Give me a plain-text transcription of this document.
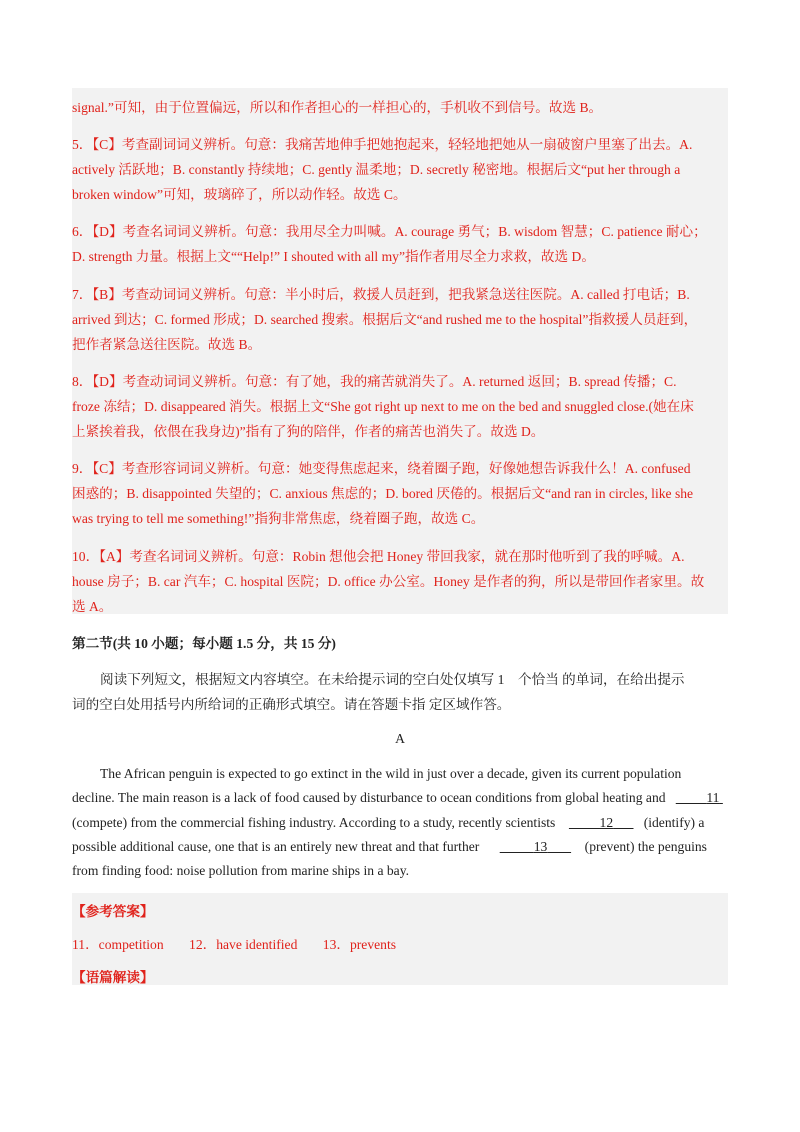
signal.”可知，由于位置偏远，所以和作者担心的一样担心的，手机收不到信号。故选 B。
5．【C】考查副词词义辨析。句意：我痛苦地伸手把她抱起来，轻轻地把她从一扇破窗户里塞了出去。A.
actively 活跃地；B. constantly 持续地；C. gently 温柔地；D. secretly 秘密地。根据后文“put her through a
broken window”可知，玻璃碎了，所以动作轻。故选 C。
6．【D】考查名词词义辨析。句意：我用尽全力叫喊。A. courage 勇气；B. wisdom 智慧；C. patience 耐心；
D. strength 力量。根据上文““Help!” I shouted with all my”指作者用尽全力求救，故选 D。
7．【B】考查动词词义辨析。句意：半小时后，救援人员赶到，把我紧急送往医院。A. called 打电话；B.
arrived 到达；C. formed 形成；D. searched 搜索。根据后文“and rushed me to the hospital”指救援人员赶到，
把作者紧急送往医院。故选 B。
8．【D】考查动词词义辨析。句意：有了她，我的痛苦就消失了。A. returned 返回；B. spread 传播；C.
froze 冻结；D. disappeared 消失。根据上文“She got right up next to me on the bed and snuggled close.(她在床
上紧挨着我，依偎在我身边)”指有了狗的陪伴，作者的痛苦也消失了。故选 D。
9．【C】考查形容词词义辨析。句意：她变得焦虑起来，绕着圈子跑，好像她想告诉我什么！A. confused
困惑的；B. disappointed 失望的；C. anxious 焦虑的；D. bored 厌倦的。根据后文“and ran in circles, like she
was trying to tell me something!”指狗非常焦虑，绕着圈子跑，故选 C。
10．【A】考查名词词义辨析。句意：Robin 想他会把 Honey 带回我家，就在那时他听到了我的呼喊。A.
house 房子；B. car 汽车；C. hospital 医院；D. office 办公室。Honey 是作者的狗，所以是带回作者家里。故
选 A。
第二节(共 10 小题；每小题 1.5 分，共 15 分)
阅读下列短文，根据短文内容填空。在未给提示词的空白处仅填写 1　个恰当 的单词，在给出提示
词的空白处用括号内所给词的正确形式填空。请在答题卡指 定区域作答。
A
The African penguin is expected to go extinct in the wild in just over a decade, given its current population
decline. The main reason is a lack of food caused by disturbance to ocean conditions from global heating and	11
(compete) from the commercial fishing industry. According to a study, recently scientists	12 (identify) a
possible additional cause, one that is an entirely new threat and that further	13	(prevent) the penguins
from finding food: noise pollution from marine ships in a bay.
【参考答案】
11．competition 12．have identified 13．prevents
【语篇解读】
